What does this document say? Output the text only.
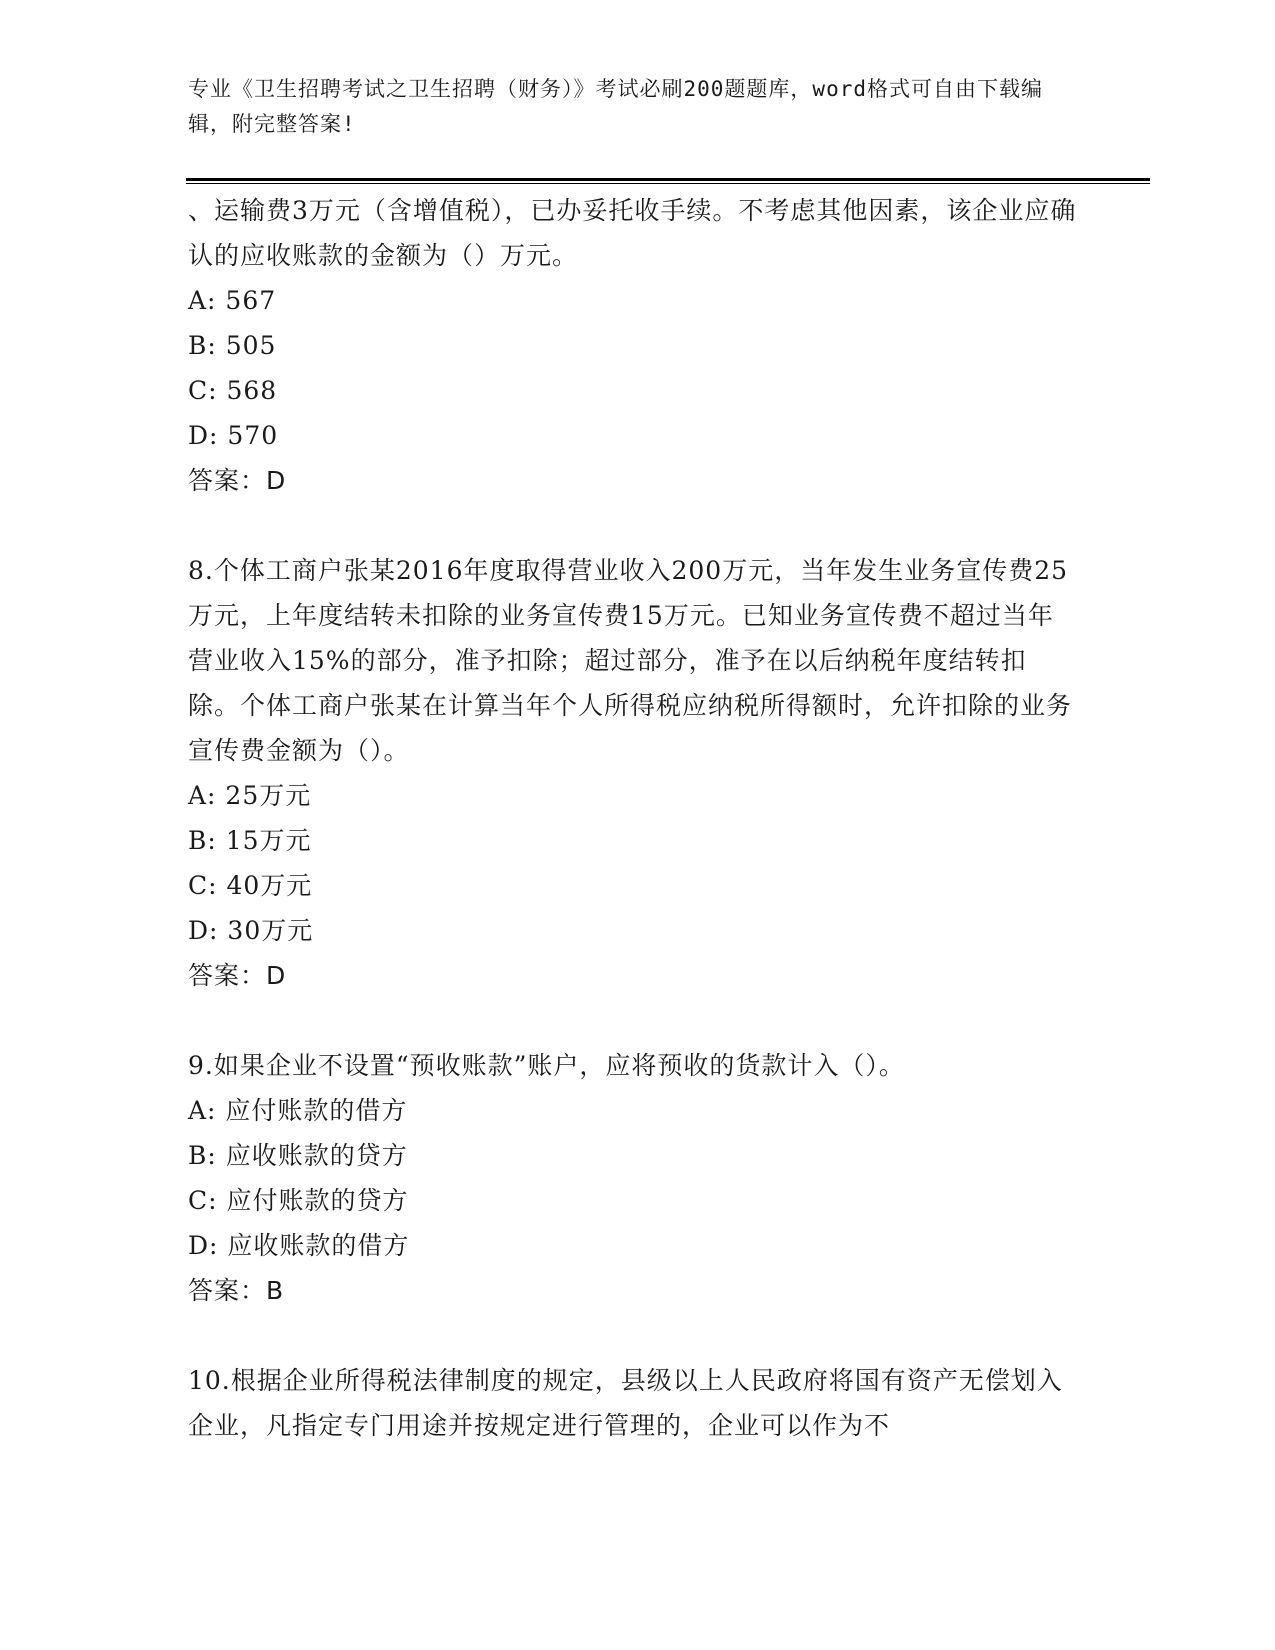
专业《卫生招聘考试之卫生招聘（财务）》考试必刷200题题库，word格式可自由下载编辑，附完整答案!
、运输费3万元（含增值税），已办妥托收手续。不考虑其他因素，该企业应确认的应收账款的金额为（）万元。
A: 567
B: 505
C: 568
D: 570
答案：D
8.个体工商户张某2016年度取得营业收入200万元，当年发生业务宣传费25万元，上年度结转未扣除的业务宣传费15万元。已知业务宣传费不超过当年营业收入15%的部分，准予扣除；超过部分，准予在以后纳税年度结转扣除。个体工商户张某在计算当年个人所得税应纳税所得额时，允许扣除的业务宣传费金额为（）。
A: 25万元
B: 15万元
C: 40万元
D: 30万元
答案：D
9.如果企业不设置“预收账款”账户，应将预收的货款计入（）。
A: 应付账款的借方
B: 应收账款的贷方
C: 应付账款的贷方
D: 应收账款的借方
答案：B
10.根据企业所得税法律制度的规定，县级以上人民政府将国有资产无偿划入企业，凡指定专门用途并按规定进行管理的，企业可以作为不
